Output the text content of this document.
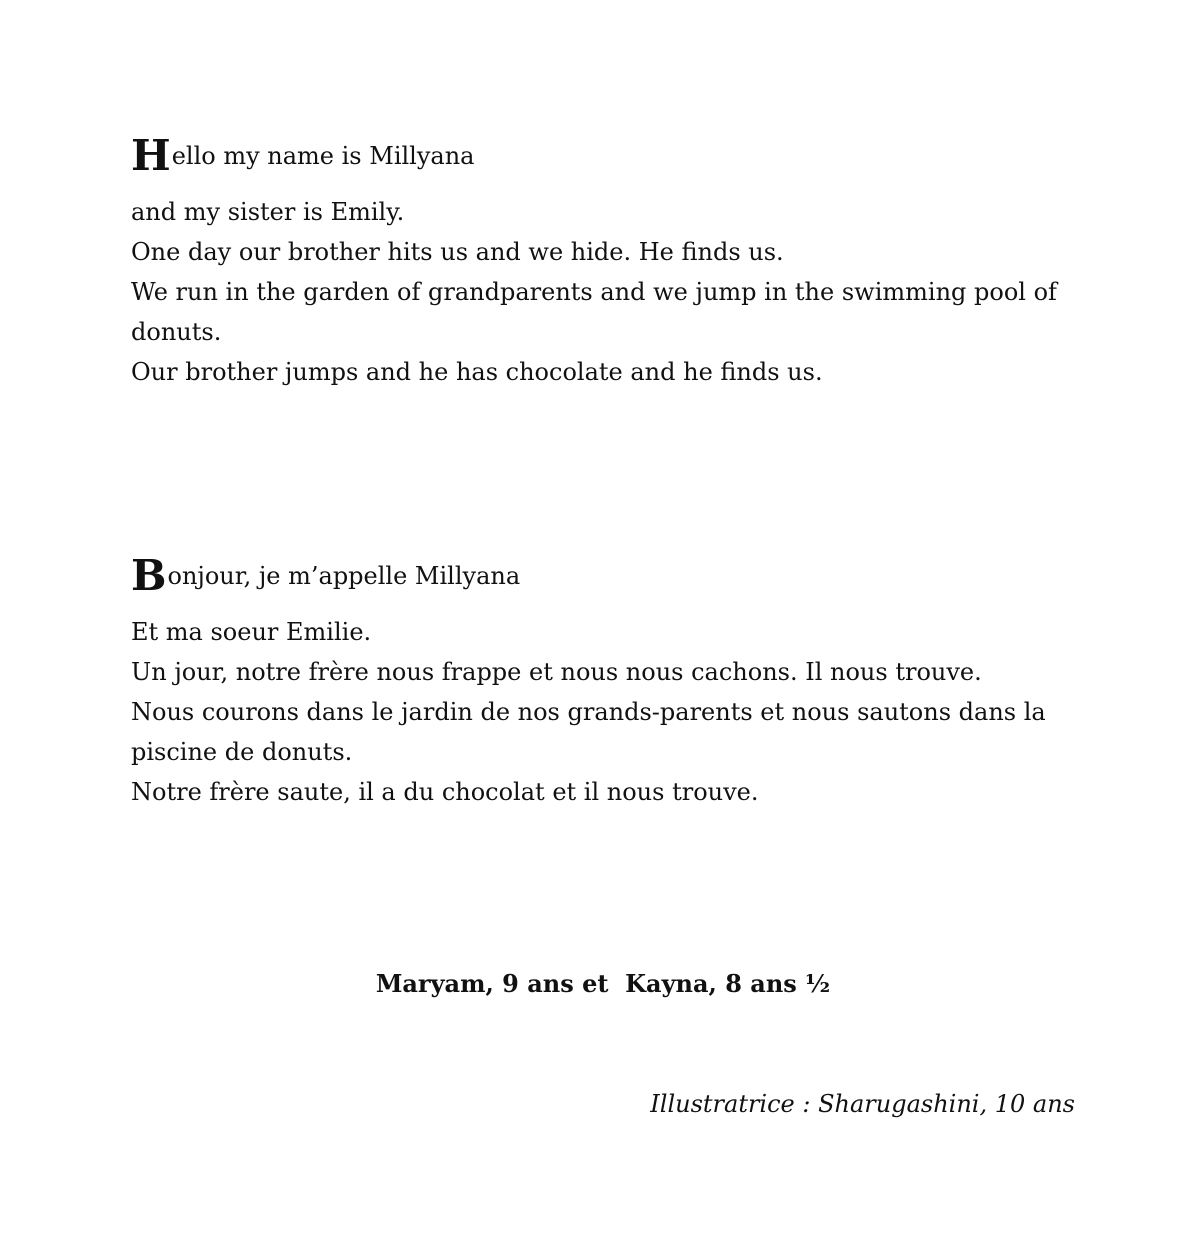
H ello my name is Millyana

and my sister is Emily.

One day our brother hits us and we hide. He finds us.

We run in the garden of grandparents and we jump in the swimming pool of donuts.

Our brother jumps and he has chocolate and he finds us.

B onjour, je m’appelle Millyana

Et ma soeur Emilie.

Un jour, notre frère nous frappe et nous nous cachons. Il nous trouve.

Nous courons dans le jardin de nos grands-parents et nous sautons dans la piscine de donuts.

Notre frère saute, il a du chocolat et il nous trouve.

Maryam, 9 ans et  Kayna, 8 ans ½
Illustratrice : Sharugashini, 10 ans
